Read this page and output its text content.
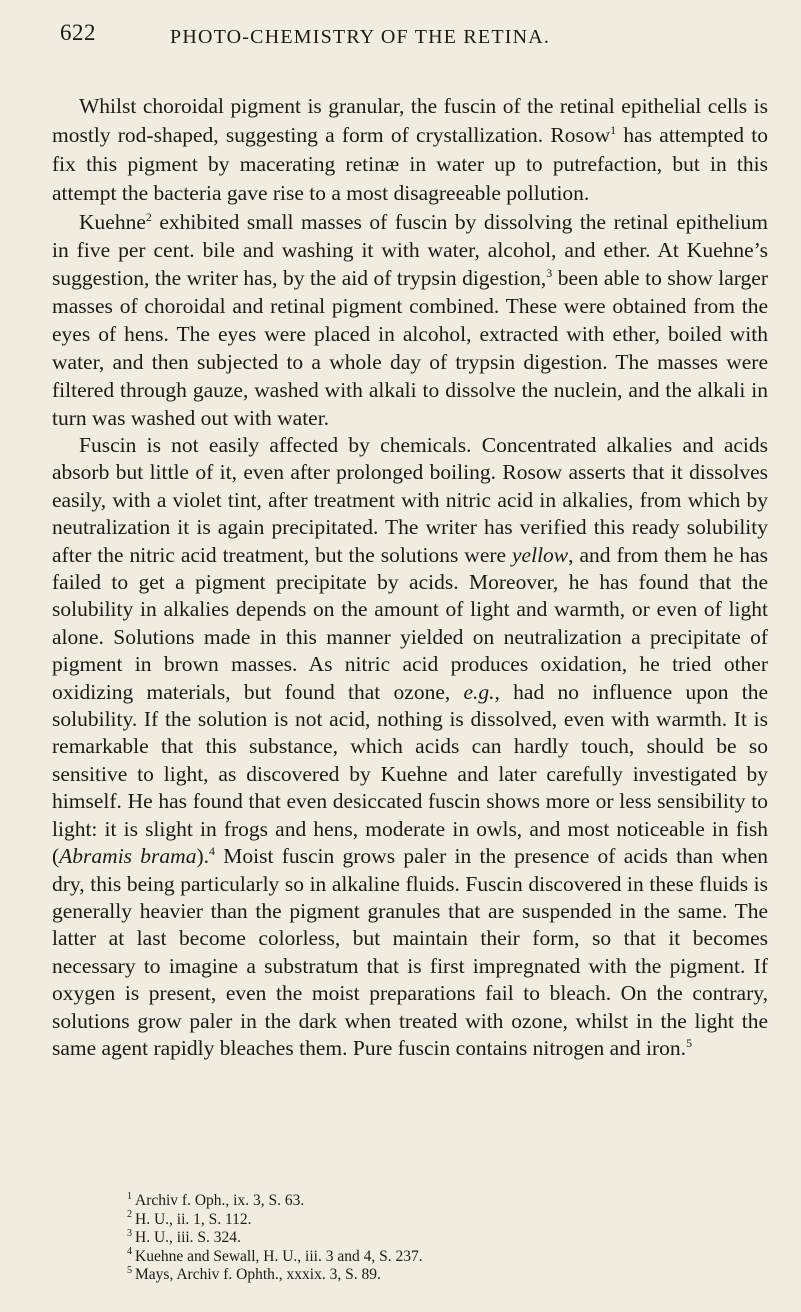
622	PHOTO-CHEMISTRY OF THE RETINA.

Whilst choroidal pigment is granular, the fuscin of the retinal epithelial cells is mostly rod-shaped, suggesting a form of crystallization. Rosow$^1$ has attempted to fix this pigment by macerating retinæ in water up to putrefaction, but in this attempt the bacteria gave rise to a most disagreeable pollution.

Kuehne$^2$ exhibited small masses of fuscin by dissolving the retinal epithelium in five per cent. bile and washing it with water, alcohol, and ether. At Kuehne’s suggestion, the writer has, by the aid of trypsin digestion,$^3$ been able to show larger masses of choroidal and retinal pigment combined. These were obtained from the eyes of hens. The eyes were placed in alcohol, extracted with ether, boiled with water, and then subjected to a whole day of trypsin digestion. The masses were filtered through gauze, washed with alkali to dissolve the nuclein, and the alkali in turn was washed out with water.

Fuscin is not easily affected by chemicals. Concentrated alkalies and acids absorb but little of it, even after prolonged boiling. Rosow asserts that it dissolves easily, with a violet tint, after treatment with nitric acid in alkalies, from which by neutralization it is again precipitated. The writer has verified this ready solubility after the nitric acid treatment, but the solutions were yellow, and from them he has failed to get a pigment precipitate by acids. Moreover, he has found that the solubility in alkalies depends on the amount of light and warmth, or even of light alone. Solutions made in this manner yielded on neutralization a precipitate of pigment in brown masses. As nitric acid produces oxidation, he tried other oxidizing materials, but found that ozone, e.g., had no influence upon the solubility. If the solution is not acid, nothing is dissolved, even with warmth. It is remarkable that this substance, which acids can hardly touch, should be so sensitive to light, as discovered by Kuehne and later carefully investigated by himself. He has found that even desiccated fuscin shows more or less sensibility to light: it is slight in frogs and hens, moderate in owls, and most noticeable in fish (Abramis brama).$^4$ Moist fuscin grows paler in the presence of acids than when dry, this being particularly so in alkaline fluids. Fuscin discovered in these fluids is generally heavier than the pigment granules that are suspended in the same. The latter at last become colorless, but maintain their form, so that it becomes necessary to imagine a substratum that is first impregnated with the pigment. If oxygen is present, even the moist preparations fail to bleach. On the contrary, solutions grow paler in the dark when treated with ozone, whilst in the light the same agent rapidly bleaches them. Pure fuscin contains nitrogen and iron.$^5$

$^1$ Archiv f. Oph., ix. 3, S. 63.

$^2$ H. U., ii. 1, S. 112.

$^3$ H. U., iii. S. 324.

$^4$ Kuehne and Sewall, H. U., iii. 3 and 4, S. 237.

$^5$ Mays, Archiv f. Ophth., xxxix. 3, S. 89.
